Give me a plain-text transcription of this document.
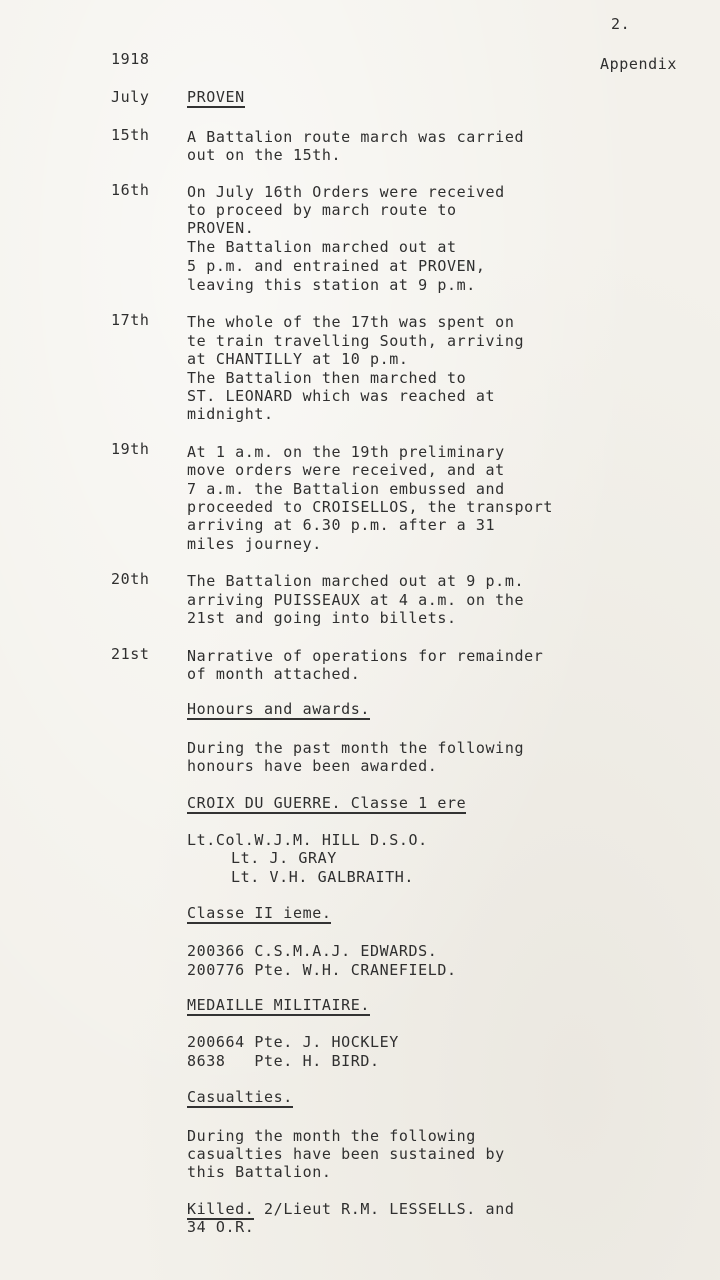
2.

1918	Appendix

July PROVEN

15th A Battalion route march was carried

out on the 15th.

16th On July 16th Orders were received

to proceed by march route to

PROVEN.

The Battalion marched out at

5 p.m. and entrained at PROVEN,

leaving this station at 9 p.m.

17th The whole of the 17th was spent on

te train travelling South, arriving

at CHANTILLY at 10 p.m.

The Battalion then marched to

ST. LEONARD which was reached at

midnight.

19th At 1 a.m. on the 19th preliminary

move orders were received, and at

7 a.m. the Battalion embussed and

proceeded to CROISELLOS, the transport

arriving at 6.30 p.m. after a 31

miles journey.

20th The Battalion marched out at 9 p.m.

arriving PUISSEAUX at 4 a.m. on the

21st and going into billets.

21st Narrative of operations for remainder

of month attached.

Honours and awards.

During the past month the following

honours have been awarded.

CROIX DU GUERRE. Classe 1 ere

Lt.Col.W.J.M. HILL D.S.O.

Lt. J. GRAY

Lt. V.H. GALBRAITH.

Classe II ieme.

200366 C.S.M.A.J. EDWARDS.

200776 Pte. W.H. CRANEFIELD.

MEDAILLE MILITAIRE.

200664 Pte. J. HOCKLEY

8638   Pte. H. BIRD.

Casualties.

During the month the following

casualties have been sustained by

this Battalion.

Killed. 2/Lieut R.M. LESSELLS. and

34 O.R.
